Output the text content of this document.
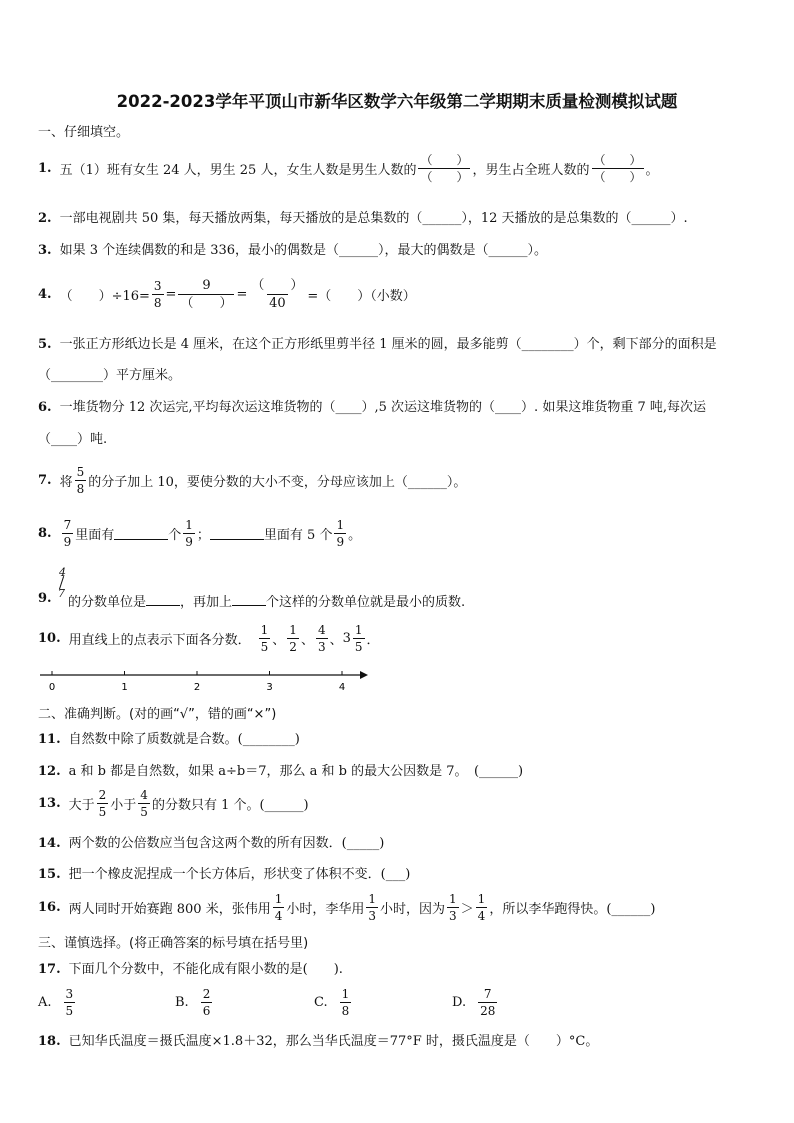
2022-2023学年平顶山市新华区数学六年级第二学期期末质量检测模拟试题
一、仔细填空。
1. 五（1）班有女生 24 人，男生 25 人，女生人数是男生人数的 $\frac{( )}{( )}$ ，男生占全班人数的 $\frac{( )}{( )}$ 。
2. 一部电视剧共 50 集，每天播放两集，每天播放的是总集数的（______），12 天播放的是总集数的（______）.
3. 如果 3 个连续偶数的和是 336，最小的偶数是（______），最大的偶数是（______）。
4. （　　）$\div 16= \frac{3}{8} = \frac{9}{( )} = \frac{( )}{40}$ =（　　）（小数）
5. 一张正方形纸边长是 4 厘米，在这个正方形纸里剪半径 1 厘米的圆，最多能剪（________）个，剩下部分的面积是
（________）平方厘米。
6. 一堆货物分 12 次运完,平均每次运这堆货物的（____）,5 次运这堆货物的（____）. 如果这堆货物重 7 吨,每次运
（____）吨.
7. 将 $\frac{5}{8}$ 的分子加上 10，要使分数的大小不变，分母应该加上（______）。
8. $\frac{7}{9}$ 里面有	个 $\frac{1}{9}$ ；	里面有 5 个 $\frac{1}{9}$ 。
9.
4
7
的分数单位是	，再加上	个这样的分数单位就是最小的质数.
10. 用直线上的点表示下面各分数． $\frac{1}{5}$ 、 $\frac{1}{2}$ 、 $\frac{4}{3}$ 、 $3 \frac{1}{5}$ ．
0	1	2	3	4
二、准确判断。(对的画“√”，错的画“×”)
11. 自然数中除了质数就是合数。(________)
12. a 和 b 都是自然数，如果 a÷b＝7，那么 a 和 b 的最大公因数是 7。　(______)
13. 大于 $\frac{2}{5}$ 小于 $\frac{4}{5}$ 的分数只有 1 个。(______)
14. 两个数的公倍数应当包含这两个数的所有因数．(_____)
15. 把一个橡皮泥捏成一个长方体后，形状变了体积不变．(___)
16. 两人同时开始赛跑 800 米，张伟用 $\frac{1}{4}$ 小时，李华用 $\frac{1}{3}$ 小时，因为 $\frac{1}{3} > \frac{1}{4}$ ，所以李华跑得快。(______)
三、谨慎选择。(将正确答案的标号填在括号里)
17. 下面几个分数中，不能化成有限小数的是(　　).
A. $\frac{3}{5}$	B. $\frac{2}{6}$	C. $\frac{1}{8}$	D. $\frac{7}{28}$
18. 已知华氏温度＝摄氏温度×1.8＋32，那么当华氏温度＝77°F 时，摄氏温度是（　　）°C。
